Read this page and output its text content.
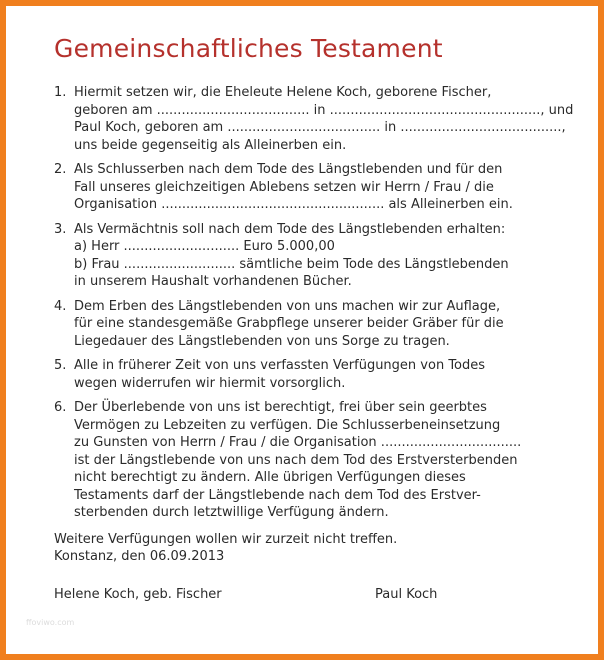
Gemeinschaftliches Testament
1. Hiermit setzen wir, die Eheleute Helene Koch, geborene Fischer,
geboren am ..................................... in ..................................................., und
Paul Koch, geboren am ..................................... in .......................................,
uns beide gegenseitig als Alleinerben ein.
2. Als Schlusserben nach dem Tode des Längstlebenden und für den
Fall unseres gleichzeitigen Ablebens setzen wir Herrn / Frau / die
Organisation ...................................................... als Alleinerben ein.
3. Als Vermächtnis soll nach dem Tode des Längstlebenden erhalten:
a) Herr ............................ Euro 5.000,00
b) Frau ........................... sämtliche beim Tode des Längstlebenden
in unserem Haushalt vorhandenen Bücher.
4. Dem Erben des Längstlebenden von uns machen wir zur Auflage,
für eine standesgemäße Grabpflege unserer beider Gräber für die
Liegedauer des Längstlebenden von uns Sorge zu tragen.
5. Alle in früherer Zeit von uns verfassten Verfügungen von Todes
wegen widerrufen wir hiermit vorsorglich.
6. Der Überlebende von uns ist berechtigt, frei über sein geerbtes
Vermögen zu Lebzeiten zu verfügen. Die Schlusserbeneinsetzung
zu Gunsten von Herrn / Frau / die Organisation ..................................
ist der Längstlebende von uns nach dem Tod des Erstversterbenden
nicht berechtigt zu ändern. Alle übrigen Verfügungen dieses
Testaments darf der Längstlebende nach dem Tod des Erstver-
sterbenden durch letztwillige Verfügung ändern.
Weitere Verfügungen wollen wir zurzeit nicht treffen.
Konstanz, den 06.09.2013
Helene Koch, geb. Fischer	Paul Koch
ffoviwo.com
